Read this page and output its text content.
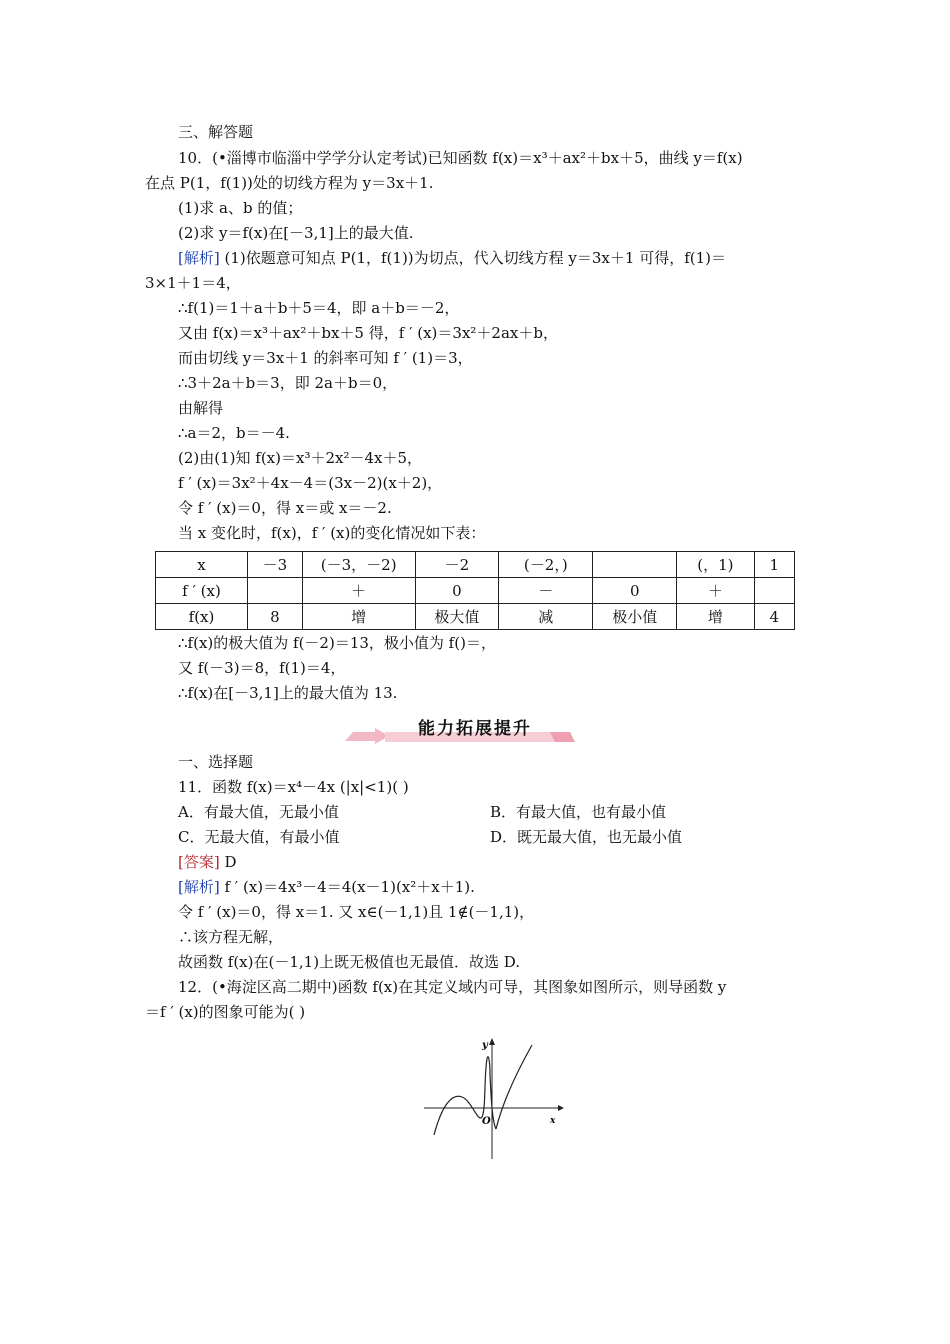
三、解答题
10．(•淄博市临淄中学学分认定考试)已知函数 f(x)＝x³＋ax²＋bx＋5，曲线 y＝f(x)
在点 P(1，f(1))处的切线方程为 y＝3x＋1.
(1)求 a、b 的值；
(2)求 y＝f(x)在[－3,1]上的最大值.
[解析] (1)依题意可知点 P(1，f(1))为切点，代入切线方程 y＝3x＋1 可得，f(1)＝
3×1＋1＝4，
∴f(1)＝1＋a＋b＋5＝4，即 a＋b＝－2，
又由 f(x)＝x³＋ax²＋bx＋5 得，f ′ (x)＝3x²＋2ax＋b，
而由切线 y＝3x＋1 的斜率可知 f ′ (1)＝3，
∴3＋2a＋b＝3，即 2a＋b＝0，
由解得
∴a＝2，b＝－4.
(2)由(1)知 f(x)＝x³＋2x²－4x＋5，
f ′ (x)＝3x²＋4x－4＝(3x－2)(x＋2)，
令 f ′ (x)＝0，得 x＝或 x＝－2.
当 x 变化时，f(x)，f ′ (x)的变化情况如下表：
x	－3	(－3，－2)	－2	(－2，)		(，1)	1
f ′ (x)		＋	0	－	0	＋	
f(x)	8	增	极大值	减	极小值	增	4
∴f(x)的极大值为 f(－2)＝13，极小值为 f()＝，
又 f(－3)＝8，f(1)＝4，
∴f(x)在[－3,1]上的最大值为 13.
能力拓展提升
一、选择题
11．函数 f(x)＝x⁴－4x (|x|<1)( )
A．有最大值，无最小值	B．有最大值，也有最小值
C．无最大值，有最小值	D．既无最大值，也无最小值
[答案] D
[解析] f ′ (x)＝4x³－4＝4(x－1)(x²＋x＋1).
令 f ′ (x)＝0，得 x＝1. 又 x∈(－1,1)且 1∉(－1,1)，
∴该方程无解，
故函数 f(x)在(－1,1)上既无极值也无最值．故选 D.
12．(•海淀区高二期中)函数 f(x)在其定义域内可导，其图象如图所示，则导函数 y
＝f ′ (x)的图象可能为( )
y
x
O
